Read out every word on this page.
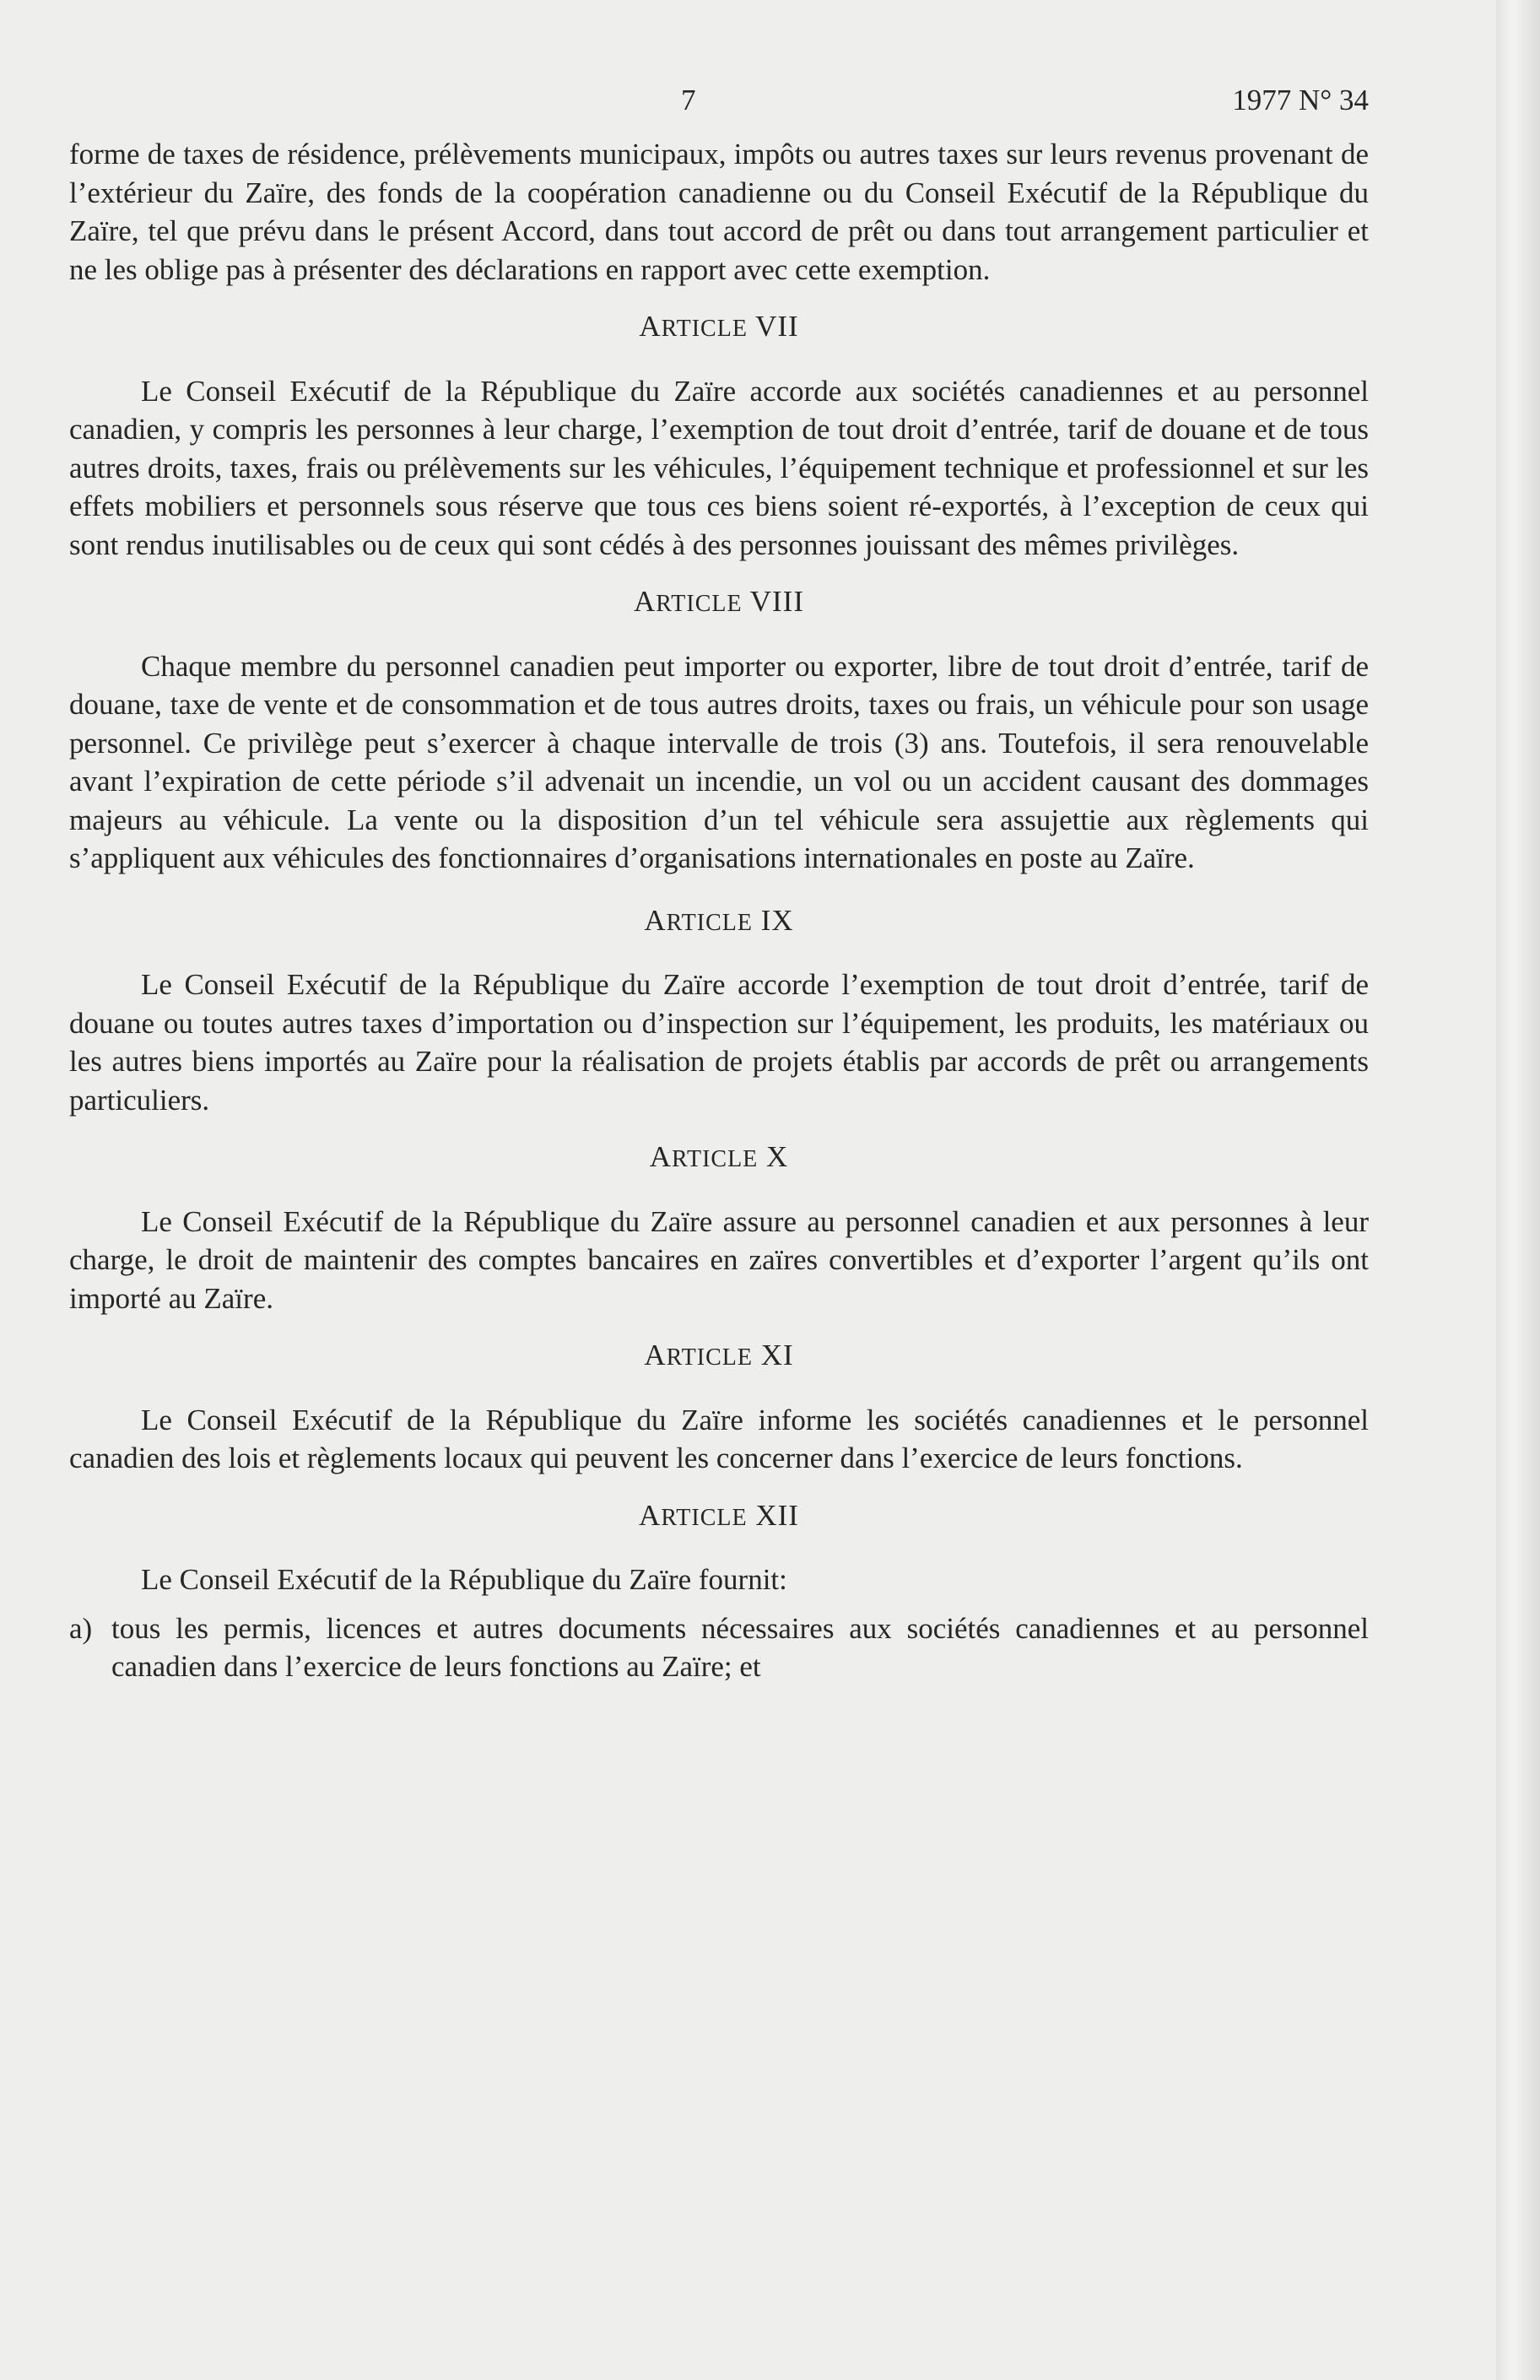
7	1977 N° 34

forme de taxes de résidence, prélèvements municipaux, impôts ou autres taxes sur leurs revenus provenant de l’extérieur du Zaïre, des fonds de la coopération canadienne ou du Conseil Exécutif de la République du Zaïre, tel que prévu dans le présent Accord, dans tout accord de prêt ou dans tout arrangement particulier et ne les oblige pas à présenter des déclarations en rapport avec cette exemption.

ARTICLE VII

Le Conseil Exécutif de la République du Zaïre accorde aux sociétés canadiennes et au personnel canadien, y compris les personnes à leur charge, l’exemption de tout droit d’entrée, tarif de douane et de tous autres droits, taxes, frais ou prélèvements sur les véhicules, l’équipement technique et professionnel et sur les effets mobiliers et personnels sous réserve que tous ces biens soient ré-exportés, à l’exception de ceux qui sont rendus inutilisables ou de ceux qui sont cédés à des personnes jouissant des mêmes privilèges.

ARTICLE VIII

Chaque membre du personnel canadien peut importer ou exporter, libre de tout droit d’entrée, tarif de douane, taxe de vente et de consommation et de tous autres droits, taxes ou frais, un véhicule pour son usage personnel. Ce privilège peut s’exercer à chaque intervalle de trois (3) ans. Toutefois, il sera renouvelable avant l’expiration de cette période s’il advenait un incendie, un vol ou un accident causant des dommages majeurs au véhicule. La vente ou la disposition d’un tel véhicule sera assujettie aux règlements qui s’appliquent aux véhicules des fonctionnaires d’organisations internationales en poste au Zaïre.

ARTICLE IX

Le Conseil Exécutif de la République du Zaïre accorde l’exemption de tout droit d’entrée, tarif de douane ou toutes autres taxes d’importation ou d’inspection sur l’équipement, les produits, les matériaux ou les autres biens importés au Zaïre pour la réalisation de projets établis par accords de prêt ou arrangements particuliers.

ARTICLE X

Le Conseil Exécutif de la République du Zaïre assure au personnel canadien et aux personnes à leur charge, le droit de maintenir des comptes bancaires en zaïres convertibles et d’exporter l’argent qu’ils ont importé au Zaïre.

ARTICLE XI

Le Conseil Exécutif de la République du Zaïre informe les sociétés canadiennes et le personnel canadien des lois et règlements locaux qui peuvent les concerner dans l’exercice de leurs fonctions.

ARTICLE XII

Le Conseil Exécutif de la République du Zaïre fournit:

a) tous les permis, licences et autres documents nécessaires aux sociétés canadiennes et au personnel canadien dans l’exercice de leurs fonctions au Zaïre; et
